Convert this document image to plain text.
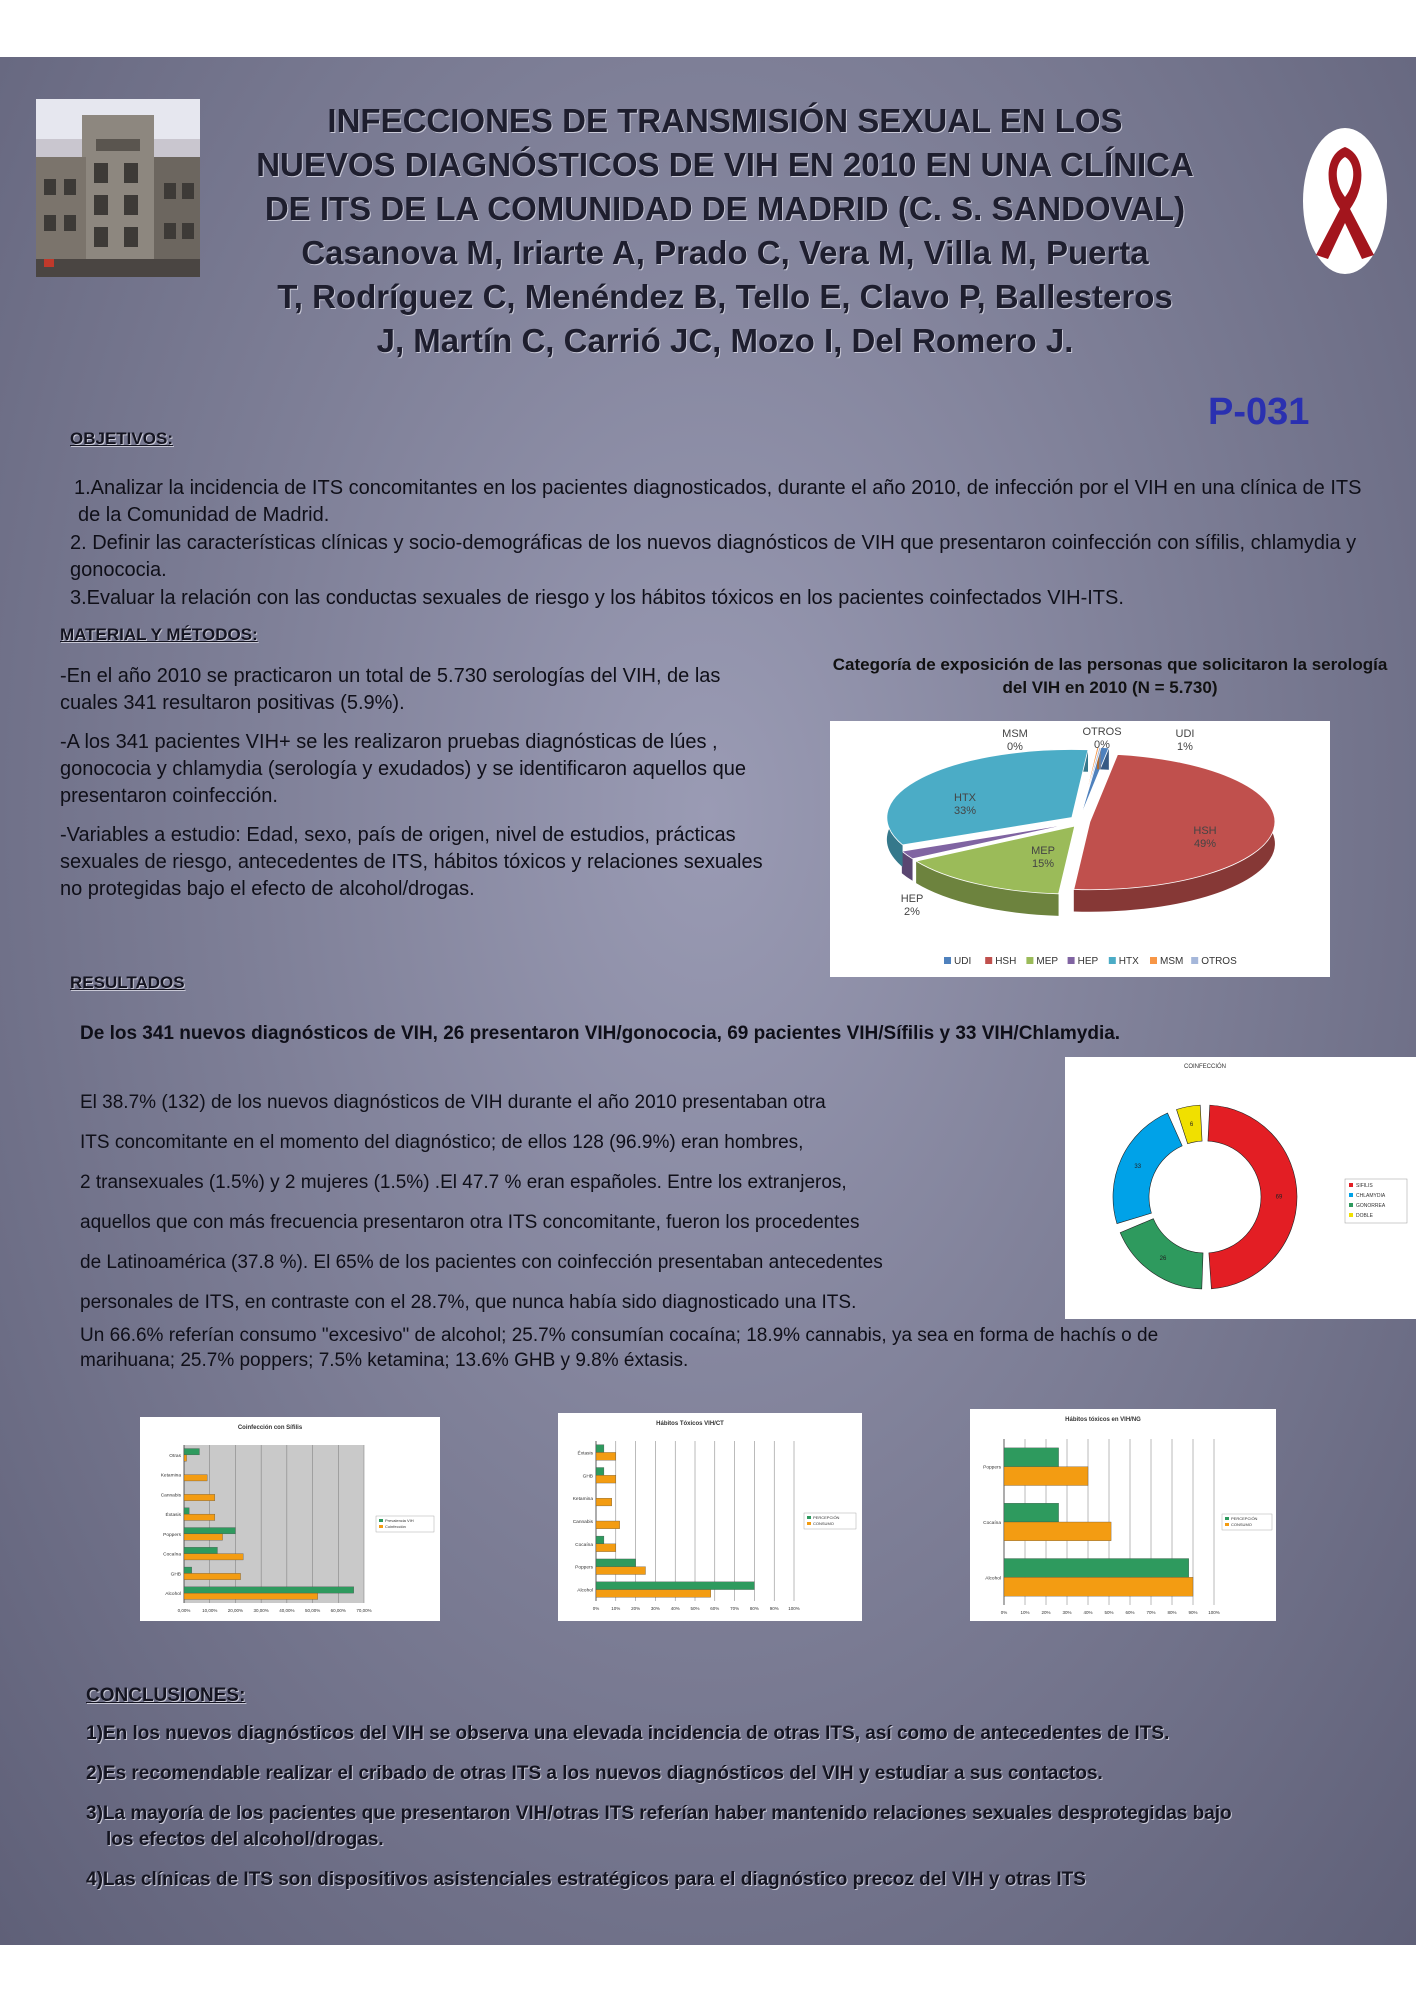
INFECCIONES DE TRANSMISIÓN SEXUAL EN LOS
NUEVOS DIAGNÓSTICOS DE VIH EN 2010 EN UNA CLÍNICA
DE ITS DE LA COMUNIDAD DE MADRID (C. S. SANDOVAL)
Casanova M, Iriarte A, Prado C, Vera M, Villa M, Puerta
T, Rodríguez C, Menéndez B, Tello E, Clavo P, Ballesteros
J, Martín C, Carrió JC, Mozo I, Del Romero J.
P-031
OBJETIVOS:
1.Analizar la incidencia de ITS concomitantes en los pacientes diagnosticados, durante el año 2010, de infección por el VIH en una clínica de ITS de la Comunidad de Madrid.
2. Definir las características clínicas y socio-demográficas de los nuevos diagnósticos de VIH que presentaron coinfección con sífilis, chlamydia y gonococia.
3.Evaluar la relación con las conductas sexuales de riesgo y los hábitos tóxicos en los pacientes coinfectados VIH-ITS.
MATERIAL Y MÉTODOS:

-En el año 2010 se practicaron un total de 5.730 serologías del VIH, de las cuales 341 resultaron positivas (5.9%).

-A los 341 pacientes VIH+ se les realizaron pruebas diagnósticas de lúes , gonococia y chlamydia (serología y exudados) y se identificaron aquellos que presentaron coinfección.

-Variables a estudio: Edad, sexo, país de origen, nivel de estudios, prácticas sexuales de riesgo, antecedentes de ITS, hábitos tóxicos y relaciones sexuales no protegidas bajo el efecto de alcohol/drogas.

Categoría de exposición de las personas que solicitaron la serología del VIH en 2010 (N = 5.730)
UDI
1%
HSH
49%
MEP
15%
HEP
2%
HTX
33%
MSM
0%
OTROS
0%
UDI HSH MEP HEP HTX MSM OTROS
RESULTADOS
De los 341 nuevos diagnósticos de VIH, 26 presentaron VIH/gonococia, 69 pacientes VIH/Sífilis y 33 VIH/Chlamydia.
El 38.7% (132) de los nuevos diagnósticos de VIH durante el año 2010 presentaban otra
ITS concomitante en el momento del diagnóstico; de ellos 128 (96.9%) eran hombres,
2 transexuales (1.5%) y 2 mujeres (1.5%) .El 47.7 % eran españoles. Entre los extranjeros,
aquellos que con más frecuencia presentaron otra ITS concomitante, fueron los procedentes
de Latinoamérica (37.8 %). El 65% de los pacientes con coinfección presentaban antecedentes
personales de ITS, en contraste con el 28.7%, que nunca había sido diagnosticado una ITS.
Un 66.6% referían consumo "excesivo" de alcohol; 25.7% consumían cocaína; 18.9% cannabis, ya sea en forma de hachís o de marihuana; 25.7% poppers; 7.5% ketamina; 13.6% GHB y 9.8% éxtasis.
COINFECCIÓN
69
26
33
6
SIFILIS
CHLAMYDIA
GONORREA
DOBLE
Coinfección con Sífilis
0,00%	10,00% 20,00% 30,00% 40,00% 50,00% 60,00% 70,00%
Otras
Ketamina
Cannabis
Éxtasis
Poppers
Cocaína
GHB
Alcohol
Prevalencia VIH
Coinfección
Hábitos Tóxicos VIH/CT
0%	10% 20% 30% 40% 50% 60% 70% 80% 90% 100%
Éxtasis
GHB
Ketamina
Cannabis
Cocaína
Poppers
Alcohol
PERCEPCIÓN
CONSUMO
Hábitos tóxicos en VIH/NG
0%	10%	20%	30%	40%	50%	60%	70%	80%	90% 100%
Poppers
Cocaína
Alcohol
PERCEPCIÓN
CONSUMO
CONCLUSIONES:

1)En los nuevos diagnósticos del VIH se observa una elevada incidencia de otras ITS, así como de antecedentes de ITS.

2)Es recomendable realizar el cribado de otras ITS a los nuevos diagnósticos del VIH y estudiar a sus contactos.

3)La mayoría de los pacientes que presentaron VIH/otras ITS referían haber mantenido relaciones sexuales desprotegidas bajo los efectos del alcohol/drogas.

4)Las clínicas de ITS son dispositivos asistenciales estratégicos para el diagnóstico precoz del VIH y otras ITS
